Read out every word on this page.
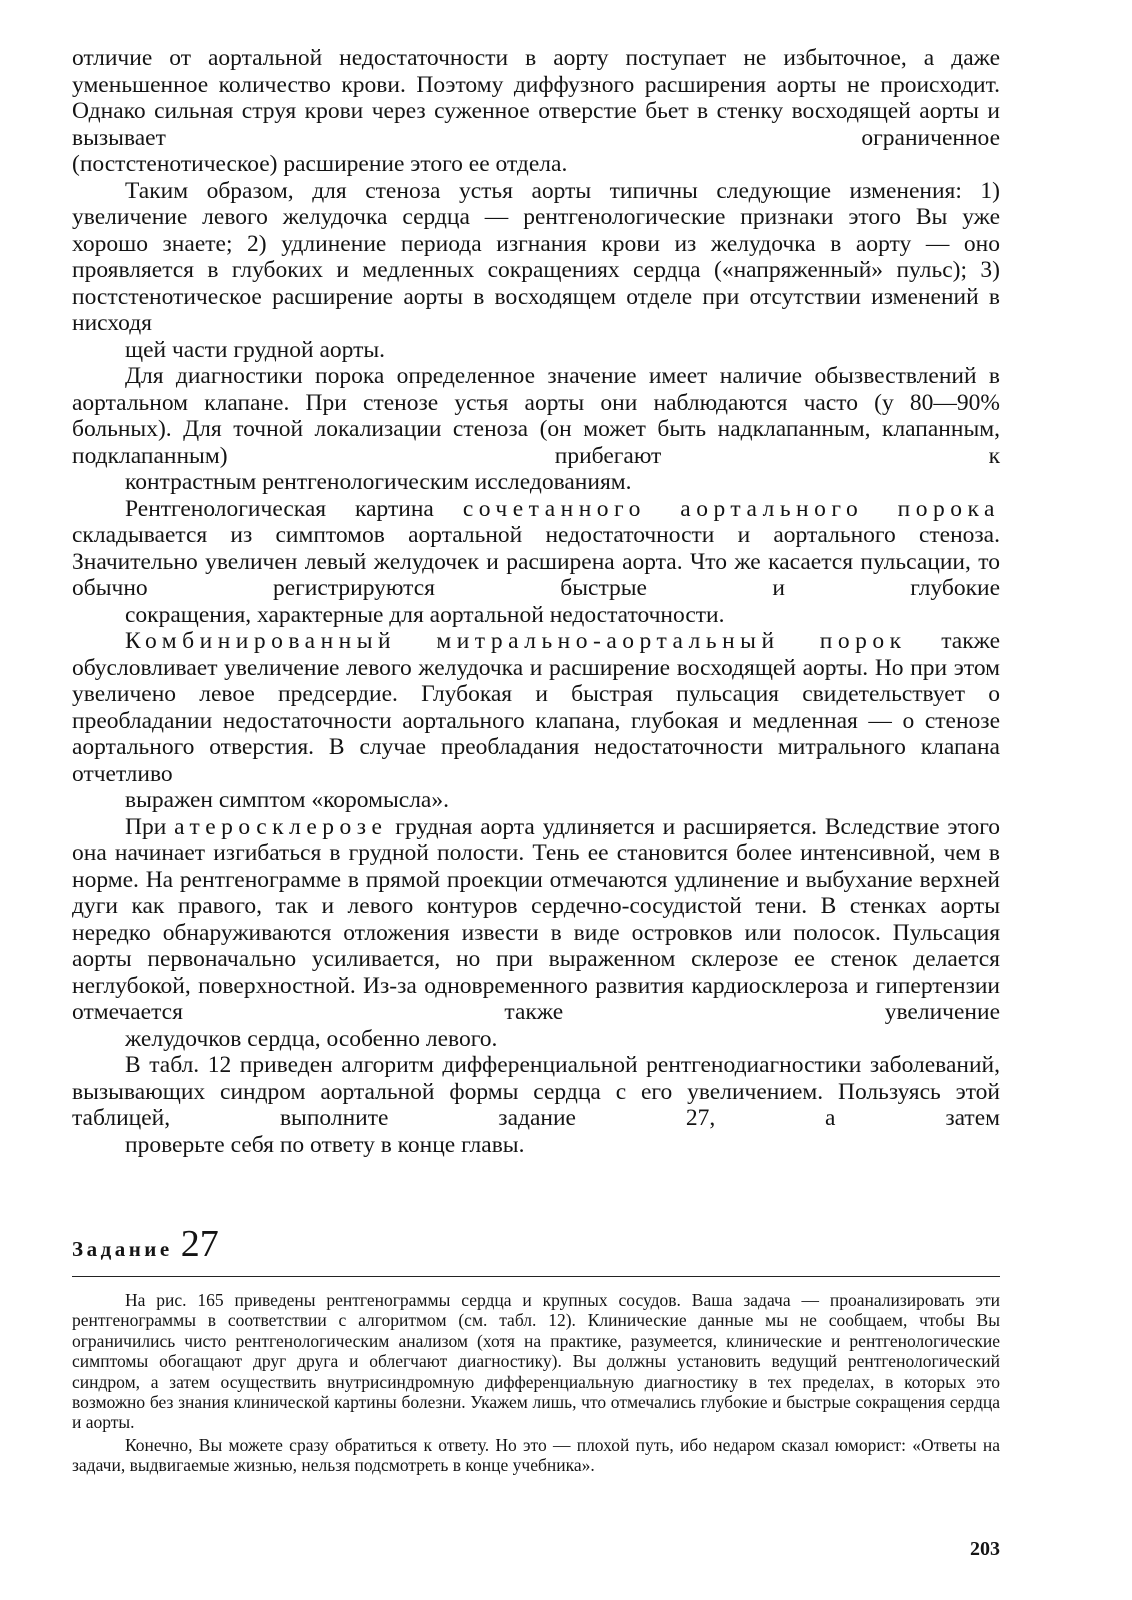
отличие от аортальной недостаточности в аорту поступает не избыточное, а даже уменьшенное количество крови. Поэтому диффузного расширения аорты не происходит. Однако сильная струя крови через суженное отверстие бьет в стенку восходящей аорты и вызывает ограниченное
(постстенотическое) расширение этого ее отдела.

Таким образом, для стеноза устья аорты типичны следующие изменения: 1) увеличение левого желудочка сердца — рентгенологические признаки этого Вы уже хорошо знаете; 2) удлинение периода изгнания крови из желудочка в аорту — оно проявляется в глубоких и медленных сокращениях сердца («напряженный» пульс); 3) постстенотическое расширение аорты в восходящем отделе при отсутствии изменений в нисходя
щей части грудной аорты.

Для диагностики порока определенное значение имеет наличие обызвествлений в аортальном клапане. При стенозе устья аорты они наблюдаются часто (у 80—90% больных). Для точной локализации стеноза (он может быть надклапанным, клапанным, подклапанным) прибегают к
контрастным рентгенологическим исследованиям.

Рентгенологическая картина сочетанного аортального порока складывается из симптомов аортальной недостаточности и аортального стеноза. Значительно увеличен левый желудочек и расширена аорта. Что же касается пульсации, то обычно регистрируются быстрые и глубокие
сокращения, характерные для аортальной недостаточности.

Комбинированный митрально-аортальный порок также обусловливает увеличение левого желудочка и расширение восходящей аорты. Но при этом увеличено левое предсердие. Глубокая и быстрая пульсация свидетельствует о преобладании недостаточности аортального клапана, глубокая и медленная — о стенозе аортального отверстия. В случае преобладания недостаточности митрального клапана отчетливо
выражен симптом «коромысла».

При атеросклерозе грудная аорта удлиняется и расширяется. Вследствие этого она начинает изгибаться в грудной полости. Тень ее становится более интенсивной, чем в норме. На рентгенограмме в прямой проекции отмечаются удлинение и выбухание верхней дуги как правого, так и левого контуров сердечно-сосудистой тени. В стенках аорты нередко обнаруживаются отложения извести в виде островков или полосок. Пульсация аорты первоначально усиливается, но при выраженном склерозе ее стенок делается неглубокой, поверхностной. Из-за одновременного развития кардиосклероза и гипертензии отмечается также увеличение
желудочков сердца, особенно левого.

В табл. 12 приведен алгоритм дифференциальной рентгенодиагностики заболеваний, вызывающих синдром аортальной формы сердца с его увеличением. Пользуясь этой таблицей, выполните задание 27, а затем
проверьте себя по ответу в конце главы.

Задание 27

На рис. 165 приведены рентгенограммы сердца и крупных сосудов. Ваша задача — проанализировать эти рентгенограммы в соответствии с алгоритмом (см. табл. 12). Клинические данные мы не сообщаем, чтобы Вы ограничились чисто рентгенологическим анализом (хотя на практике, разумеется, клинические и рентгенологические симптомы обогащают друг друга и облегчают диагностику). Вы должны установить ведущий рентгенологический синдром, а затем осуществить внутрисиндромную дифференциальную диагностику в тех пределах, в которых это возможно без знания клинической картины болезни. Укажем лишь, что отмечались глубокие и быстрые сокращения сердца и аорты.

Конечно, Вы можете сразу обратиться к ответу. Но это — плохой путь, ибо недаром сказал юморист: «Ответы на задачи, выдвигаемые жизнью, нельзя подсмотреть в конце учебника».

203
